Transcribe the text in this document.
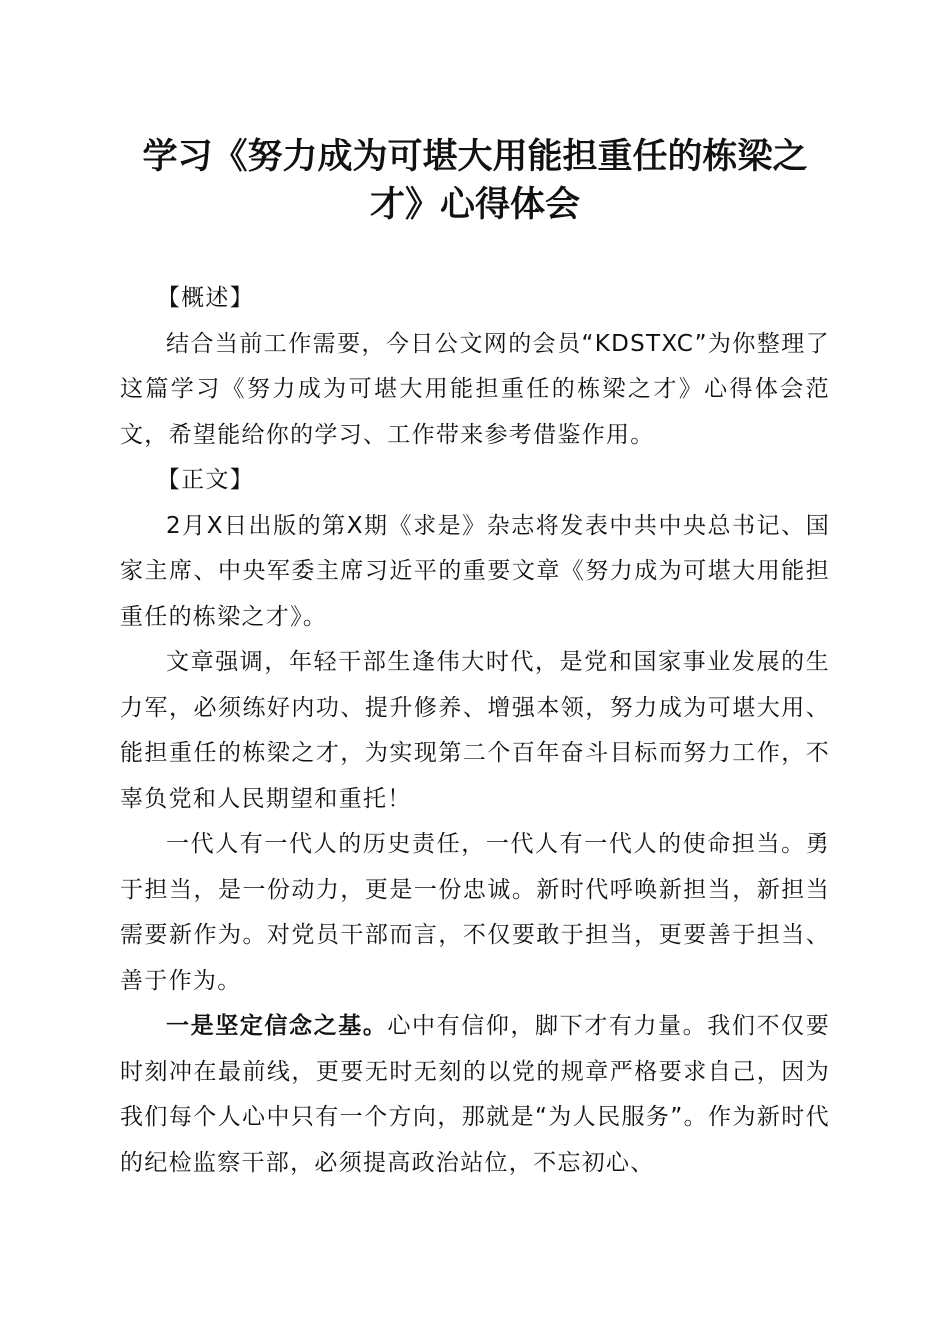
学习《努力成为可堪大用能担重任的栋梁之才》心得体会

【概述】

结合当前工作需要，今日公文网的会员“KDSTXC”为你整理了这篇学习《努力成为可堪大用能担重任的栋梁之才》心得体会范文，希望能给你的学习、工作带来参考借鉴作用。

【正文】

2月X日出版的第X期《求是》杂志将发表中共中央总书记、国家主席、中央军委主席习近平的重要文章《努力成为可堪大用能担重任的栋梁之才》。

文章强调，年轻干部生逢伟大时代，是党和国家事业发展的生力军，必须练好内功、提升修养、增强本领，努力成为可堪大用、能担重任的栋梁之才，为实现第二个百年奋斗目标而努力工作，不辜负党和人民期望和重托！

一代人有一代人的历史责任，一代人有一代人的使命担当。勇于担当，是一份动力，更是一份忠诚。新时代呼唤新担当，新担当需要新作为。对党员干部而言，不仅要敢于担当，更要善于担当、善于作为。

一是坚定信念之基。心中有信仰，脚下才有力量。我们不仅要时刻冲在最前线，更要无时无刻的以党的规章严格要求自己，因为我们每个人心中只有一个方向，那就是“为人民服务”。作为新时代的纪检监察干部，必须提高政治站位，不忘初心、
